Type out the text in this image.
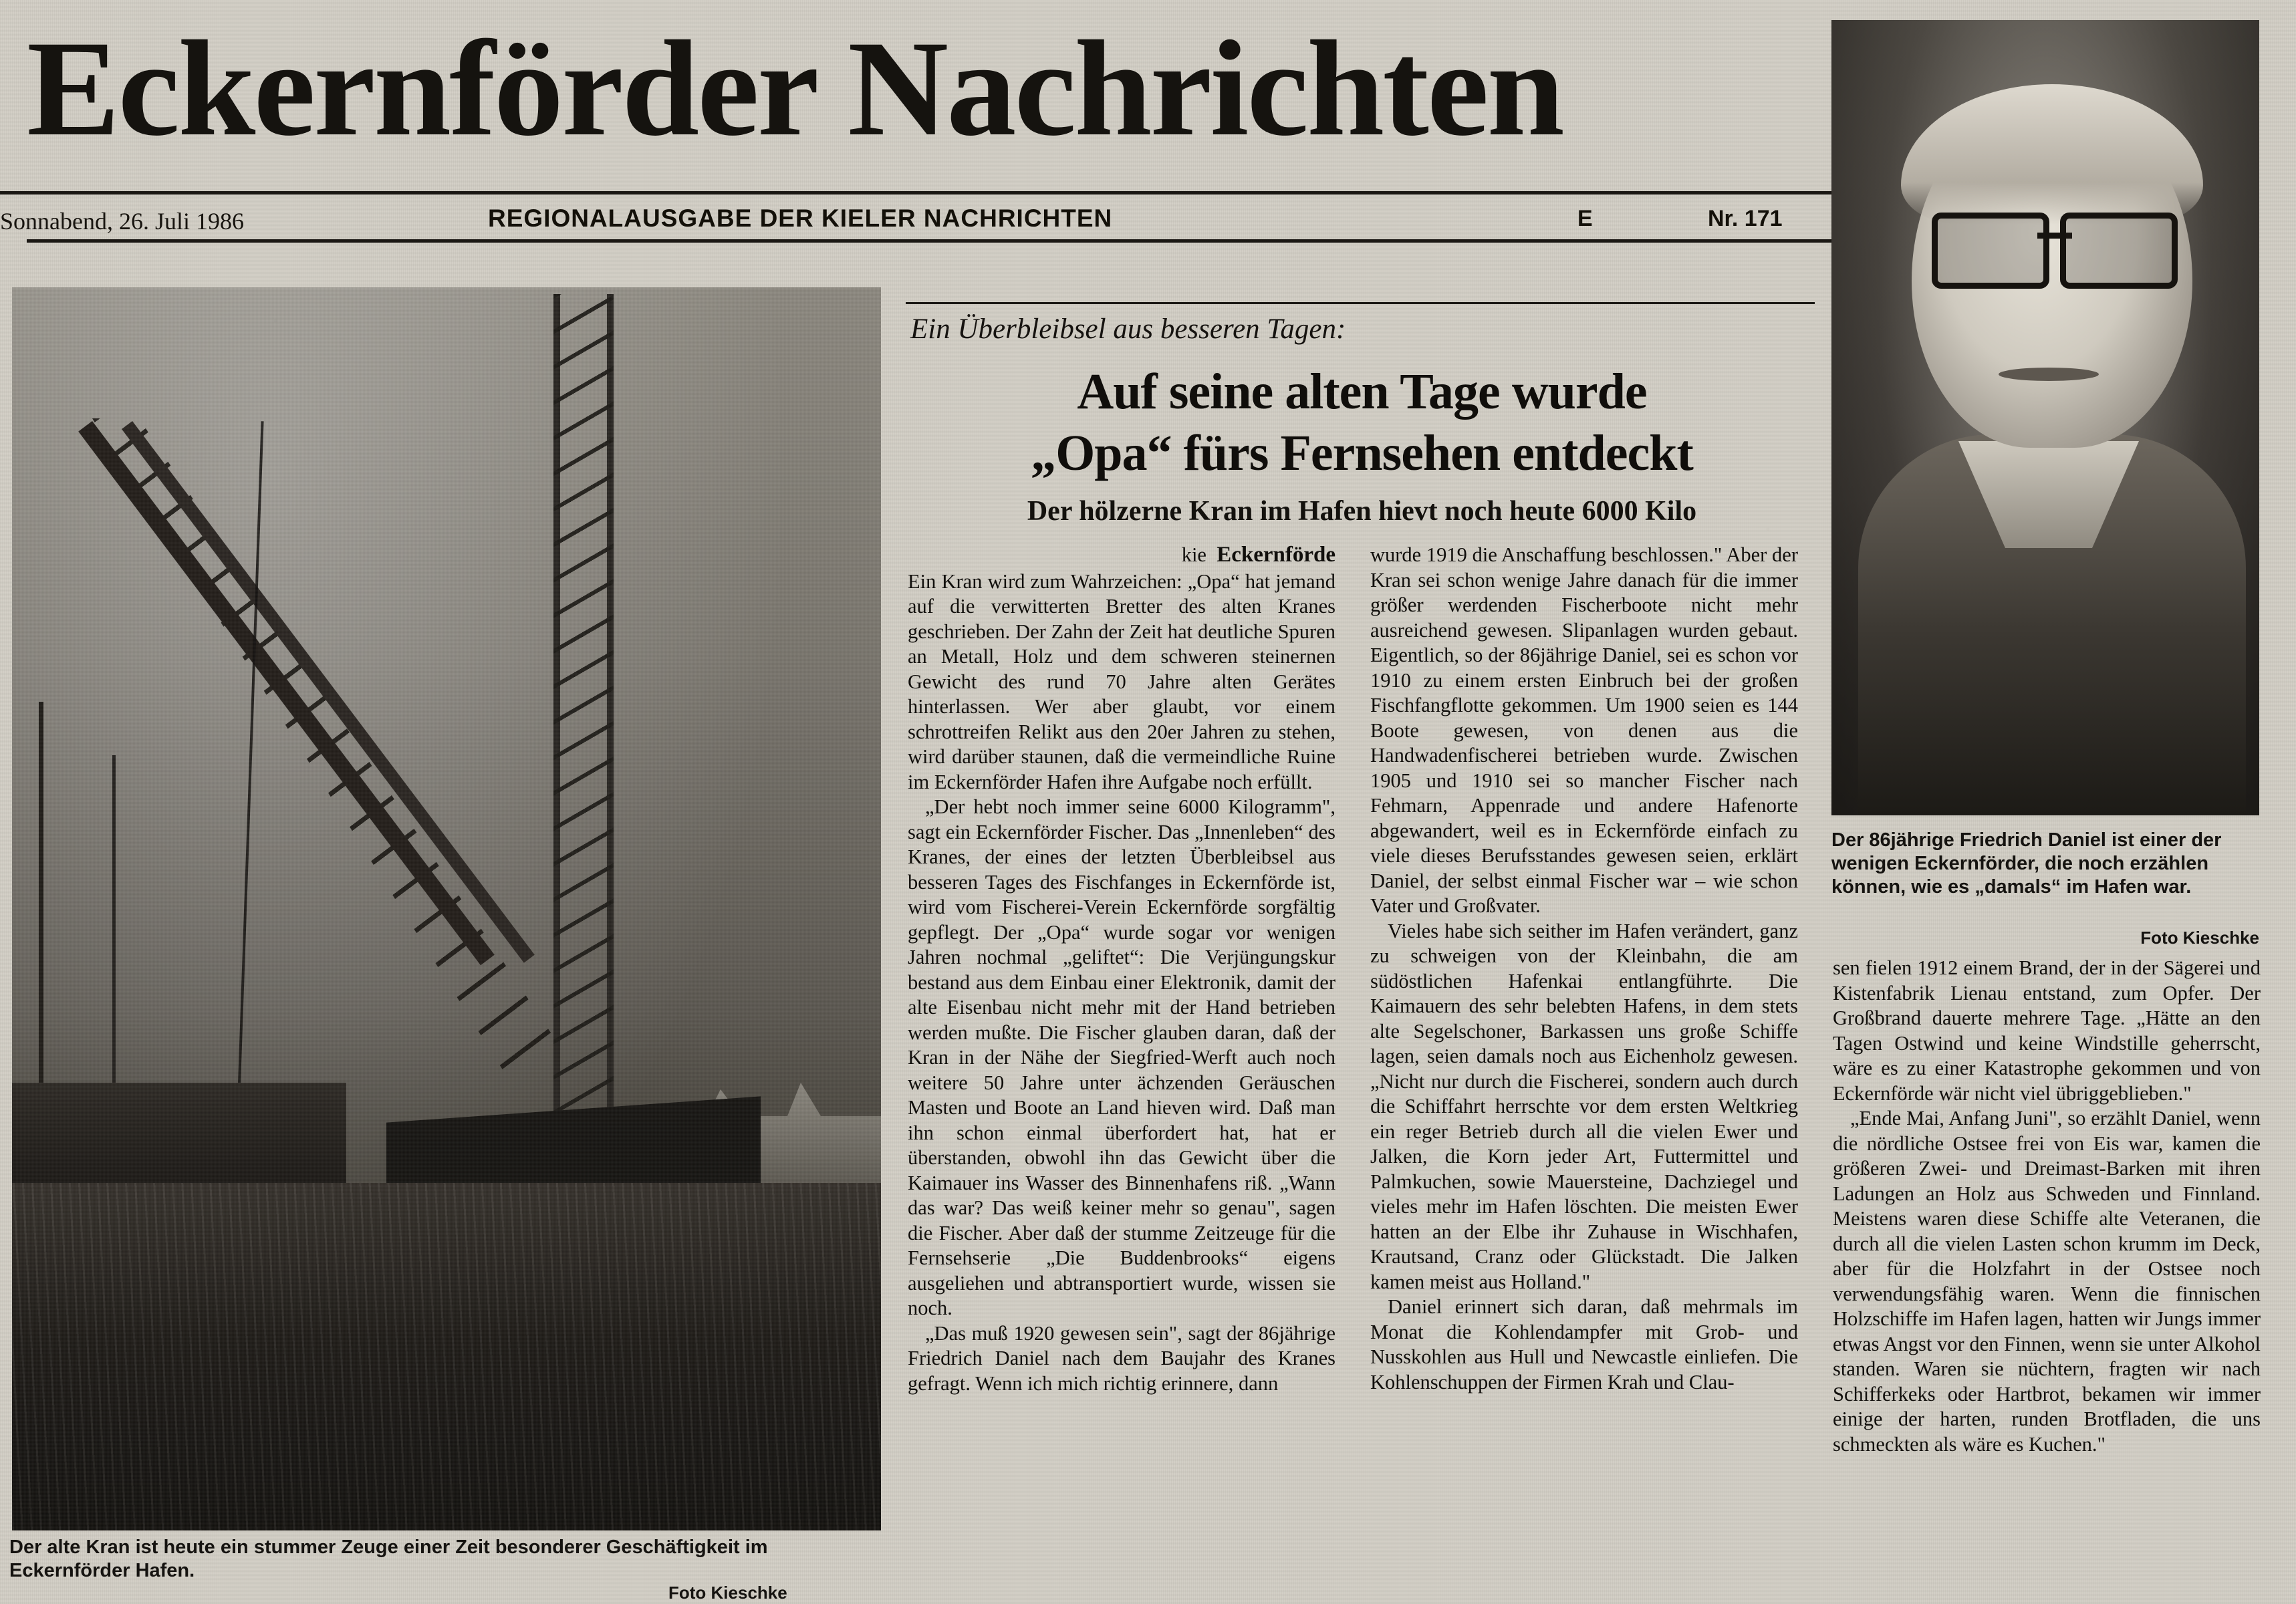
Eckernförder Nachrichten
Sonnabend, 26. Juli 1986	REGIONALAUSGABE DER KIELER NACHRICHTEN	E	Nr. 171
Der alte Kran ist heute ein stummer Zeuge einer Zeit besonderer Geschäftigkeit im Eckernförder Hafen.
Foto Kieschke
Der 86jährige Friedrich Daniel ist einer der wenigen Eckernförder, die noch erzählen können, wie es „damals“ im Hafen war.
Foto Kieschke
Ein Überbleibsel aus besseren Tagen:
Auf seine alten Tage wurde
„Opa“ fürs Fernsehen entdeckt
Der hölzerne Kran im Hafen hievt noch heute 6000 Kilo
kie Eckernförde

Ein Kran wird zum Wahrzeichen: „Opa“ hat jemand auf die verwitterten Bretter des alten Kranes geschrieben. Der Zahn der Zeit hat deutliche Spuren an Metall, Holz und dem schweren steinernen Gewicht des rund 70 Jahre alten Gerätes hinterlassen. Wer aber glaubt, vor einem schrottreifen Relikt aus den 20er Jahren zu stehen, wird darüber staunen, daß die vermeindliche Ruine im Eckernförder Hafen ihre Aufgabe noch erfüllt.

„Der hebt noch immer seine 6000 Kilogramm", sagt ein Eckernförder Fischer. Das „Innenleben“ des Kranes, der eines der letzten Überbleibsel aus besseren Tages des Fischfanges in Eckernförde ist, wird vom Fischerei-Verein Eckernförde sorgfältig gepflegt. Der „Opa“ wurde sogar vor wenigen Jahren nochmal „geliftet“: Die Verjüngungskur bestand aus dem Einbau einer Elektronik, damit der alte Eisenbau nicht mehr mit der Hand betrieben werden mußte. Die Fischer glauben daran, daß der Kran in der Nähe der Siegfried-Werft auch noch weitere 50 Jahre unter ächzenden Geräuschen Masten und Boote an Land hieven wird. Daß man ihn schon einmal überfordert hat, hat er überstanden, obwohl ihn das Gewicht über die Kaimauer ins Wasser des Binnenhafens riß. „Wann das war? Das weiß keiner mehr so genau", sagen die Fischer. Aber daß der stumme Zeitzeuge für die Fernsehserie „Die Buddenbrooks“ eigens ausgeliehen und abtransportiert wurde, wissen sie noch.

„Das muß 1920 gewesen sein", sagt der 86jährige Friedrich Daniel nach dem Baujahr des Kranes gefragt. Wenn ich mich richtig erinnere, dann

wurde 1919 die Anschaffung beschlossen." Aber der Kran sei schon wenige Jahre danach für die immer größer werdenden Fischerboote nicht mehr ausreichend gewesen. Slipanlagen wurden gebaut. Eigentlich, so der 86jährige Daniel, sei es schon vor 1910 zu einem ersten Einbruch bei der großen Fischfangflotte gekommen. Um 1900 seien es 144 Boote gewesen, von denen aus die Handwadenfischerei betrieben wurde. Zwischen 1905 und 1910 sei so mancher Fischer nach Fehmarn, Appenrade und andere Hafenorte abgewandert, weil es in Eckernförde einfach zu viele dieses Berufsstandes gewesen seien, erklärt Daniel, der selbst einmal Fischer war – wie schon Vater und Großvater.

Vieles habe sich seither im Hafen verändert, ganz zu schweigen von der Kleinbahn, die am südöstlichen Hafenkai entlangführte. Die Kaimauern des sehr belebten Hafens, in dem stets alte Segelschoner, Barkassen uns große Schiffe lagen, seien damals noch aus Eichenholz gewesen. „Nicht nur durch die Fischerei, sondern auch durch die Schiffahrt herrschte vor dem ersten Weltkrieg ein reger Betrieb durch all die vielen Ewer und Jalken, die Korn jeder Art, Futtermittel und Palmkuchen, sowie Mauersteine, Dachziegel und vieles mehr im Hafen löschten. Die meisten Ewer hatten an der Elbe ihr Zuhause in Wischhafen, Krautsand, Cranz oder Glückstadt. Die Jalken kamen meist aus Holland."

Daniel erinnert sich daran, daß mehrmals im Monat die Kohlendampfer mit Grob- und Nusskohlen aus Hull und Newcastle einliefen. Die Kohlenschuppen der Firmen Krah und Clau-

sen fielen 1912 einem Brand, der in der Sägerei und Kistenfabrik Lienau entstand, zum Opfer. Der Großbrand dauerte mehrere Tage. „Hätte an den Tagen Ostwind und keine Windstille geherrscht, wäre es zu einer Katastrophe gekommen und von Eckernförde wär nicht viel übriggeblieben."

„Ende Mai, Anfang Juni", so erzählt Daniel, wenn die nördliche Ostsee frei von Eis war, kamen die größeren Zwei- und Dreimast-Barken mit ihren Ladungen an Holz aus Schweden und Finnland. Meistens waren diese Schiffe alte Veteranen, die durch all die vielen Lasten schon krumm im Deck, aber für die Holzfahrt in der Ostsee noch verwendungsfähig waren. Wenn die finnischen Holzschiffe im Hafen lagen, hatten wir Jungs immer etwas Angst vor den Finnen, wenn sie unter Alkohol standen. Waren sie nüchtern, fragten wir nach Schifferkeks oder Hartbrot, bekamen wir immer einige der harten, runden Brotfladen, die uns schmeckten als wäre es Kuchen."
